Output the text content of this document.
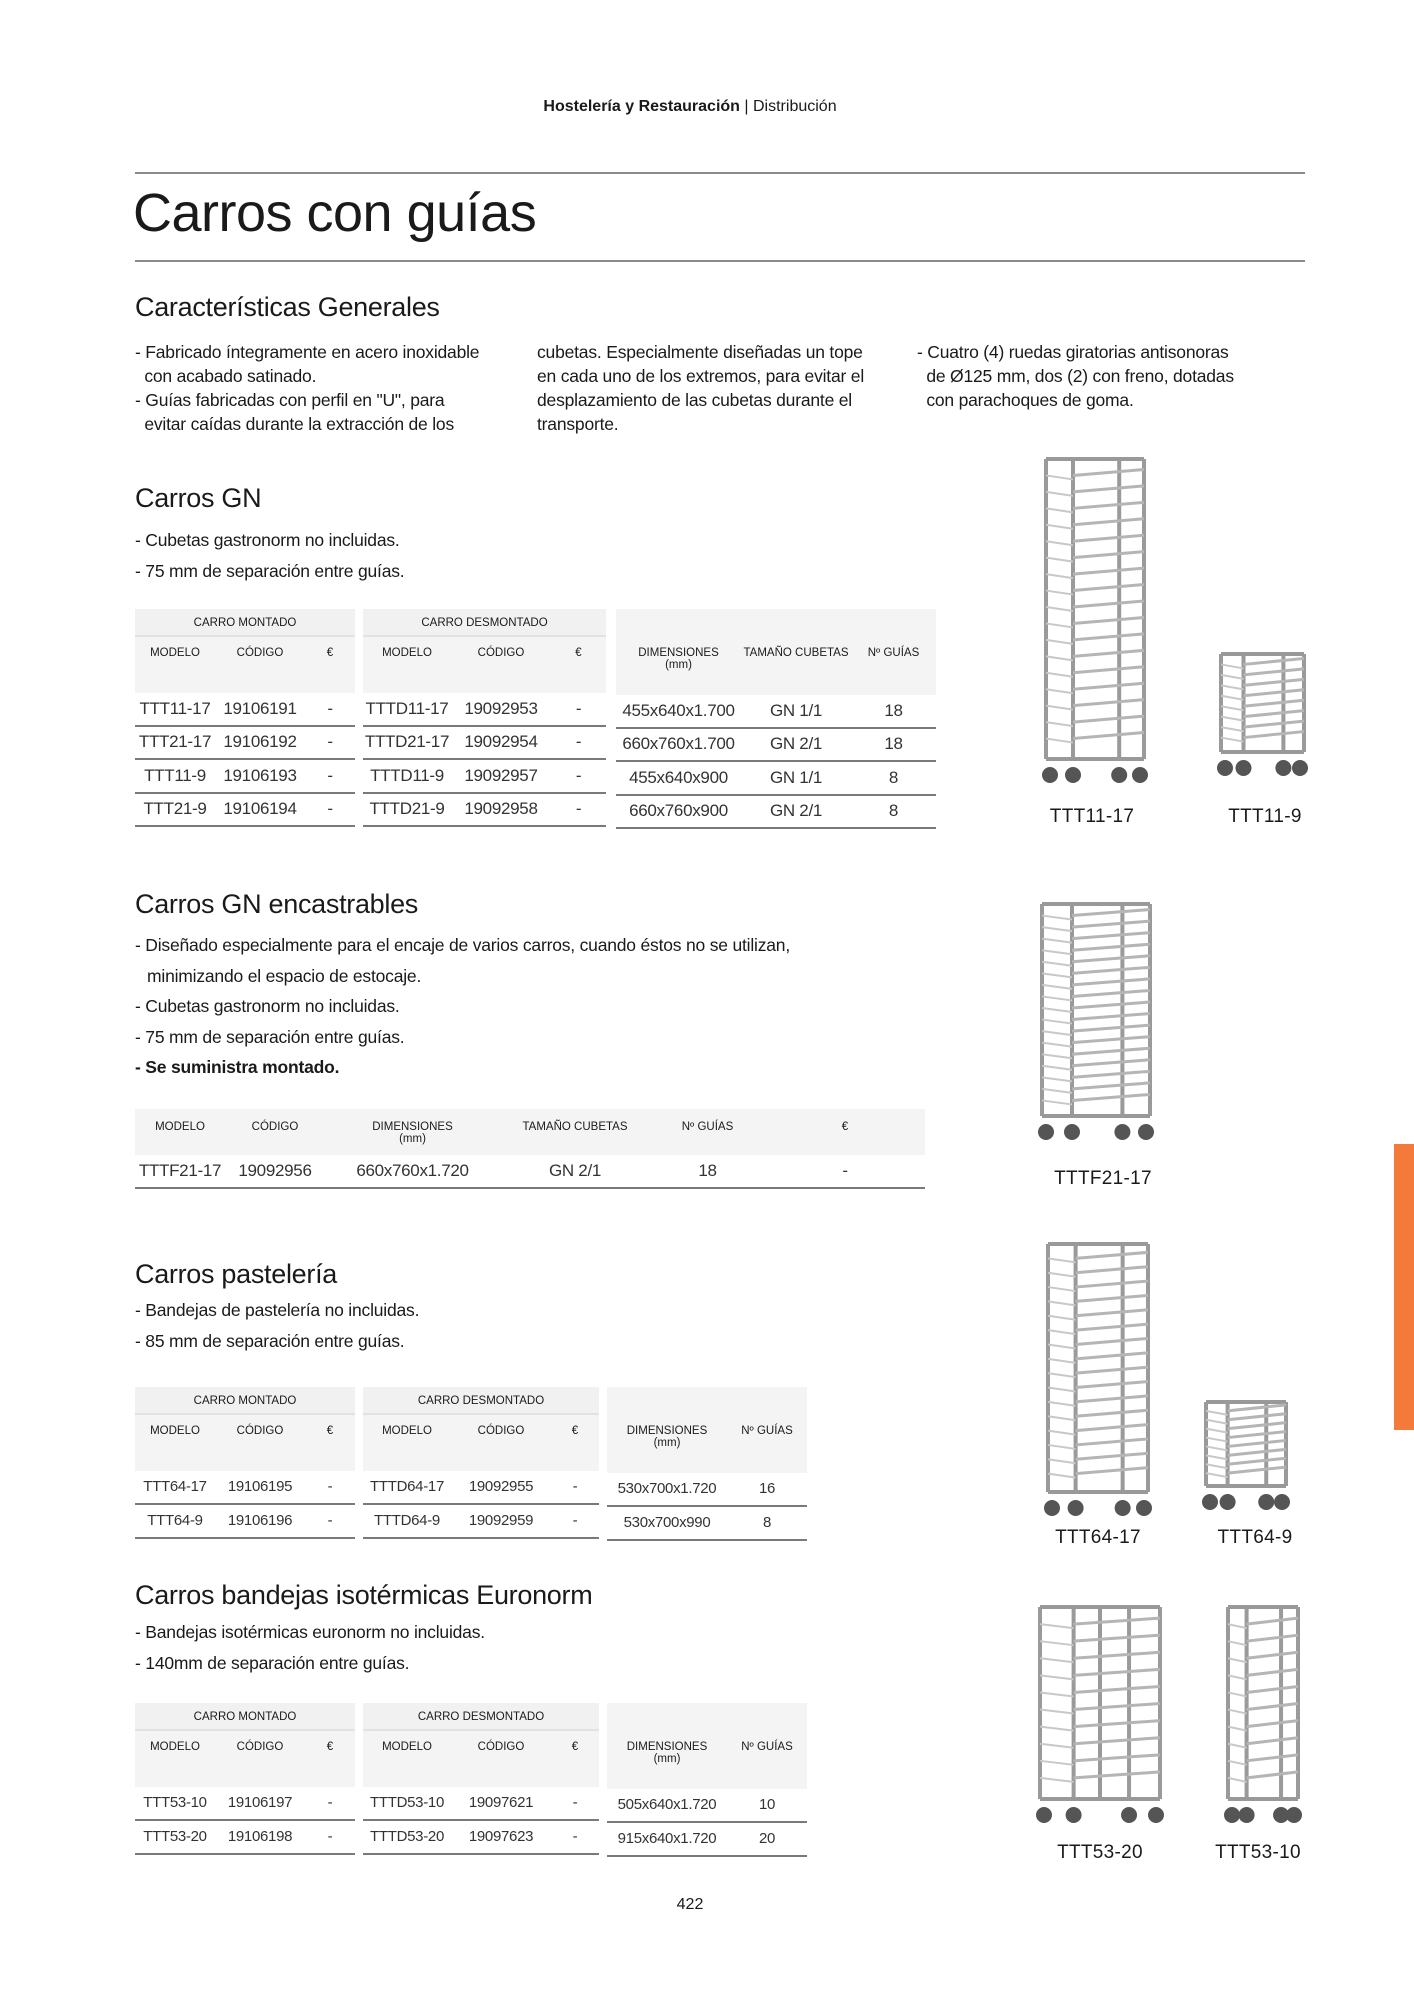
Hostelería y Restauración | Distribución
Carros con guías
Características Generales
- Fabricado íntegramente en acero inoxidable
con acabado satinado.
- Guías fabricadas con perfil en "U", para
evitar caídas durante la extracción de los
cubetas. Especialmente diseñadas un tope
en cada uno de los extremos, para evitar el
desplazamiento de las cubetas durante el
transporte.
- Cuatro (4) ruedas giratorias antisonoras
de Ø125 mm, dos (2) con freno, dotadas
con parachoques de goma.
Carros GN
- Cubetas gastronorm no incluidas.
- 75 mm de separación entre guías.
CARRO MONTADO
MODELO	CÓDIGO	€
TTT11-17 19106191	-
TTT21-17 19106192	-
TTT11-9	19106193	-
TTT21-9 19106194	-
CARRO DESMONTADO
MODELO	CÓDIGO	€
TTTD11-17 19092953	-
TTTD21-17 19092954	-
TTTD11-9	19092957	-
TTTD21-9	19092958	-
DIMENSIONES
(mm)
TAMAÑO CUBETAS	Nº GUÍAS
455x640x1.700	GN 1/1	18
660x760x1.700	GN 2/1	18
455x640x900	GN 1/1	8
660x760x900	GN 2/1	8
Carros GN encastrables
- Diseñado especialmente para el encaje de varios carros, cuando éstos no se utilizan,
minimizando el espacio de estocaje.
- Cubetas gastronorm no incluidas.
- 75 mm de separación entre guías.
- Se suministra montado.
MODELO	CÓDIGO	DIMENSIONES
(mm)
TAMAÑO CUBETAS	Nº GUÍAS	€
TTTF21-17	19092956	660x760x1.720	GN 2/1	18	-
Carros pastelería
- Bandejas de pastelería no incluidas.
- 85 mm de separación entre guías.
CARRO MONTADO
MODELO	CÓDIGO	€
TTT64-17	19106195	-
TTT64-9	19106196	-
CARRO DESMONTADO
MODELO	CÓDIGO	€
TTTD64-17	19092955	-
TTTD64-9	19092959	-
DIMENSIONES
(mm)
Nº GUÍAS
530x700x1.720	16
530x700x990	8
Carros bandejas isotérmicas Euronorm
- Bandejas isotérmicas euronorm no incluidas.
- 140mm de separación entre guías.
CARRO MONTADO
MODELO	CÓDIGO	€
TTT53-10	19106197	-
TTT53-20	19106198	-
CARRO DESMONTADO
MODELO	CÓDIGO	€
TTTD53-10	19097621	-
TTTD53-20	19097623	-
DIMENSIONES
(mm)
Nº GUÍAS
505x640x1.720	10
915x640x1.720	20
TTT11-17	TTT11-9
TTTF21-17
TTT64-17	TTT64-9
TTT53-20	TTT53-10
422
